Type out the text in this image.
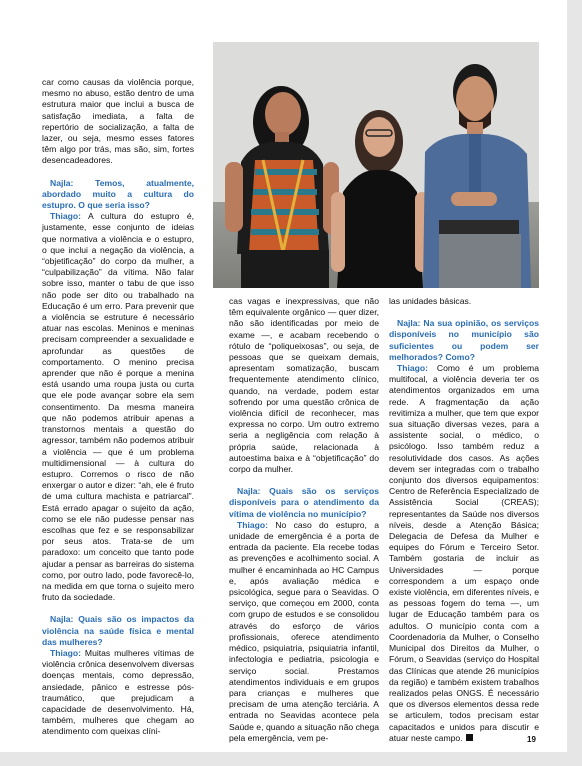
car como causas da violência porque, mesmo no abuso, estão dentro de uma estrutura maior que inclui a busca de satisfação imediata, a falta de repertório de socialização, a falta de lazer, ou seja, mesmo esses fatores têm algo por trás, mas são, sim, fortes desencadeadores.

Najla: Temos, atualmente, abordado muito a cultura do estupro. O que seria isso?

Thiago: A cultura do estupro é, justamente, esse conjunto de ideias que normativa a violência e o estupro, o que inclui a negação da violência, a “objetificação” do corpo da mulher, a “culpabilização” da vítima. Não falar sobre isso, manter o tabu de que isso não pode ser dito ou trabalhado na Educação é um erro. Para prevenir que a violência se estruture é necessário atuar nas escolas. Meninos e meninas precisam compreender a sexualidade e aprofundar as questões de comportamento. O menino precisa aprender que não é porque a menina está usando uma roupa justa ou curta que ele pode avançar sobre ela sem consentimento. Da mesma maneira que não podemos atribuir apenas a transtornos mentais a questão do agressor, também não podemos atribuir a violência — que é um problema multidimensional — à cultura do estupro. Corremos o risco de não enxergar o autor e dizer: “ah, ele é fruto de uma cultura machista e patriarcal”. Está errado apagar o sujeito da ação, como se ele não pudesse pensar nas escolhas que fez e se responsabilizar por seus atos. Trata-se de um paradoxo: um conceito que tanto pode ajudar a pensar as barreiras do sistema como, por outro lado, pode favorecê-lo, na medida em que torna o sujeito mero fruto da sociedade.

Najla: Quais são os impactos da violência na saúde física e mental das mulheres?

Thiago: Muitas mulheres vítimas de violência crônica desenvolvem diversas doenças mentais, como depressão, ansiedade, pânico e estresse pós-traumático, que prejudicam a capacidade de desenvolvimento. Há, também, mulheres que chegam ao atendimento com queixas clíni-

cas vagas e inexpressivas, que não têm equivalente orgânico — quer dizer, não são identificadas por meio de exame —, e acabam recebendo o rótulo de “poliqueixosas”, ou seja, de pessoas que se queixam demais, apresentam somatização, buscam frequentemente atendimento clínico, quando, na verdade, podem estar sofrendo por uma questão crônica de violência difícil de reconhecer, mas expressa no corpo. Um outro extremo seria a negligência com relação à própria saúde, relacionada à autoestima baixa e à “objetificação” do corpo da mulher.

Najla: Quais são os serviços disponíveis para o atendimento da vítima de violência no município?

Thiago: No caso do estupro, a unidade de emergência é a porta de entrada da paciente. Ela recebe todas as prevenções e acolhimento social. A mulher é encaminhada ao HC Campus e, após avaliação médica e psicológica, segue para o Seavidas. O serviço, que começou em 2000, conta com grupo de estudos e se consolidou através do esforço de vários profissionais, oferece atendimento médico, psiquiatria, psiquiatria infantil, infectologia e pediatria, psicologia e serviço social. Prestamos atendimentos individuais e em grupos para crianças e mulheres que precisam de uma atenção terciária. A entrada no Seavidas acontece pela Saúde e, quando a situação não chega pela emergência, vem pe-

las unidades básicas.

Najla: Na sua opinião, os serviços disponíveis no município são suficientes ou podem ser melhorados? Como?

Thiago: Como é um problema multifocal, a violência deveria ter os atendimentos organizados em uma rede. A fragmentação da ação revitimiza a mulher, que tem que expor sua situação diversas vezes, para a assistente social, o médico, o psicólogo. Isso também reduz a resolutividade dos casos. As ações devem ser integradas com o trabalho conjunto dos diversos equipamentos: Centro de Referência Especializado de Assistência Social (CREAS); representantes da Saúde nos diversos níveis, desde a Atenção Básica; Delegacia de Defesa da Mulher e equipes do Fórum e Terceiro Setor. Também gostaria de incluir as Universidades — porque correspondem a um espaço onde existe violência, em diferentes níveis, e as pessoas fogem do tema —, um lugar de Educação também para os adultos. O município conta com a Coordenadoria da Mulher, o Conselho Municipal dos Direitos da Mulher, o Fórum, o Seavidas (serviço do Hospital das Clínicas que atende 26 municípios da região) e também existem trabalhos realizados pelas ONGS. É necessário que os diversos elementos dessa rede se articulem, todos precisam estar capacitados e unidos para discutir e atuar neste campo.	19
